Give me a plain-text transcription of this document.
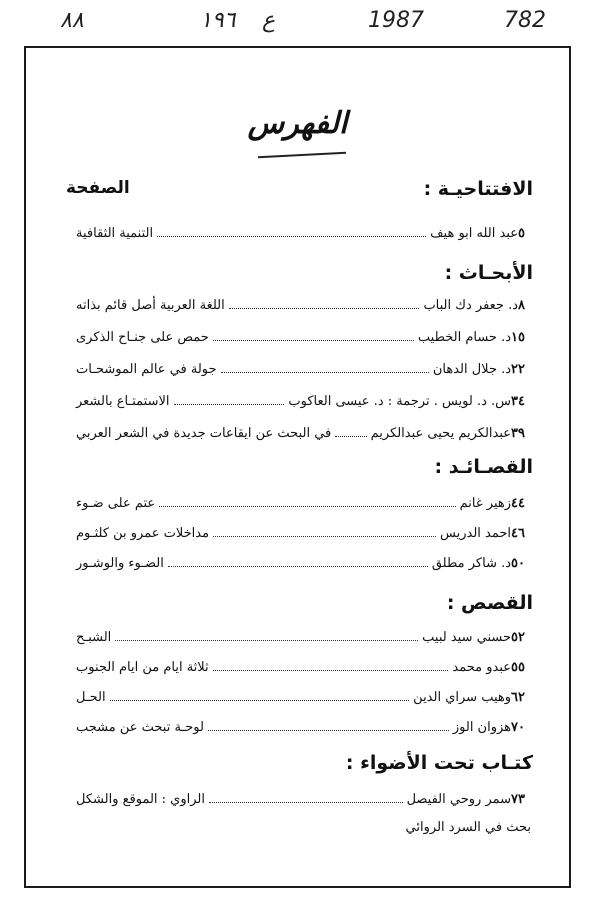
٨٨	١٩٦ ع	1987	782
الفهرس
الافتتاحيـة :
الصفحة
التنمية الثقافية	عبد الله ابو هيف ٥
الأبحـاث :
اللغة العربية أصل قائم بذاته	د. جعفر دك الباب ٨
حمص على جنـاح الذكرى	د. حسام الخطيب ١٥
جولة في عالم الموشحـات	د. جلال الدهان ٢٢
الاستمتـاع بالشعر	س. د. لويس . ترجمة : د. عيسى العاكوب ٣٤
في البحث عن ايقاعات جديدة في الشعر العربي	عبدالكريم يحيى عبدالكريم ٣٩
القصـائـد :
عتم على ضـوء	زهير غانم ٤٤
مداخلات عمرو بن كلثـوم	احمد الدريس ٤٦
الضـوء والوشـور	د. شاكر مطلق ٥٠
القصص :
الشبـح	حسني سيد لبيب ٥٢
ثلاثة ايام من ايام الجنوب	عبدو محمد ٥٥
الحـل	وهيب سراي الدين ٦٢
لوحـة تبحث عن مشجب	هزوان الوز ٧٠
كتـاب تحت الأضواء :
الراوي : الموقع والشكل	سمر روحي الفيصل ٧٣
بحث في السرد الروائي
